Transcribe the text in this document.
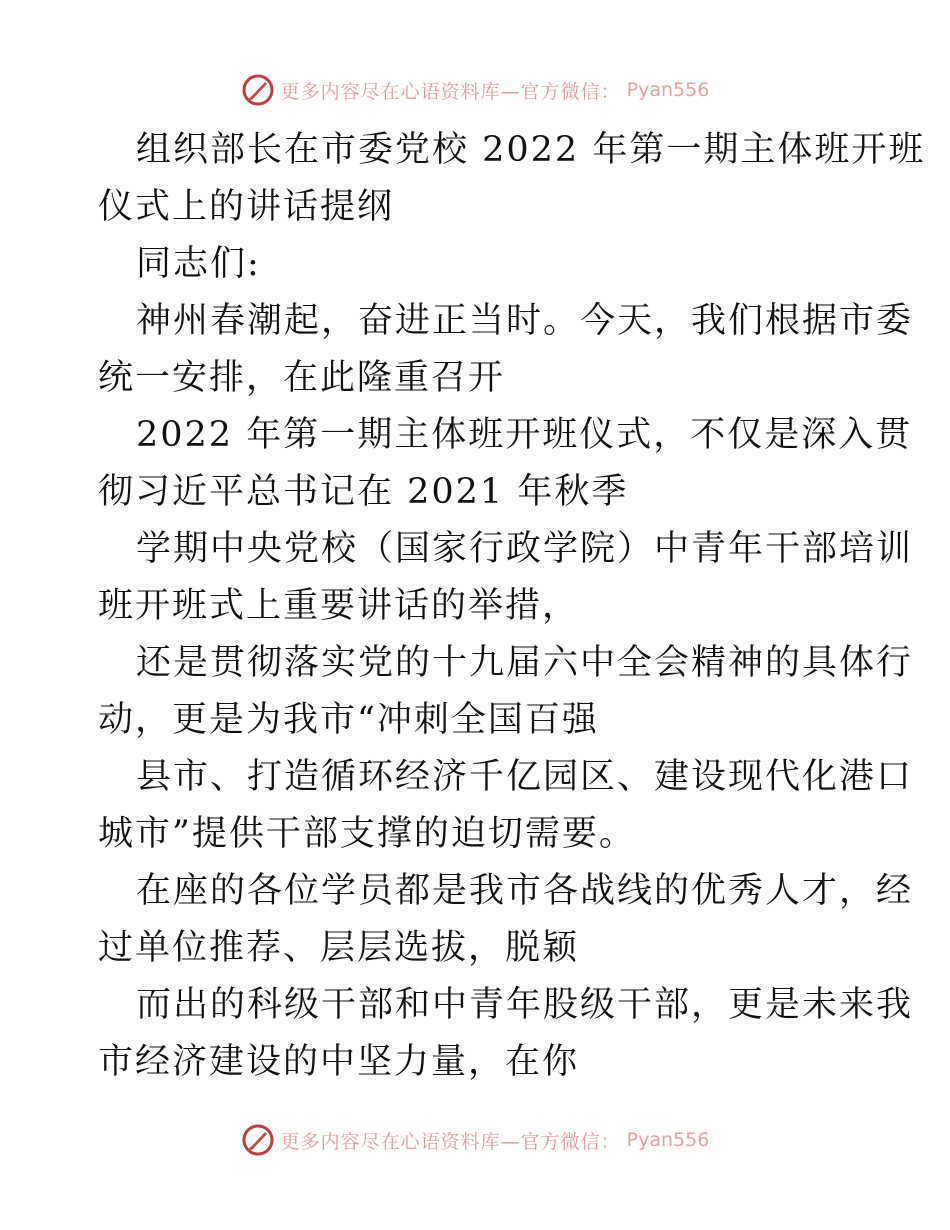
更多内容尽在心语资料库—官方微信： Pyan556
组织部长在市委党校 2022 年第一期主体班开班
仪式上的讲话提纲
同志们:
神州春潮起，奋进正当时。今天，我们根据市委
统一安排，在此隆重召开
2022 年第一期主体班开班仪式，不仅是深入贯
彻习近平总书记在 2021 年秋季
学期中央党校（国家行政学院）中青年干部培训
班开班式上重要讲话的举措，
还是贯彻落实党的十九届六中全会精神的具体行
动，更是为我市“冲刺全国百强
县市、打造循环经济千亿园区、建设现代化港口
城市”提供干部支撑的迫切需要。
在座的各位学员都是我市各战线的优秀人才，经
过单位推荐、层层选拔，脱颖
而出的科级干部和中青年股级干部，更是未来我
市经济建设的中坚力量，在你
更多内容尽在心语资料库—官方微信： Pyan556
